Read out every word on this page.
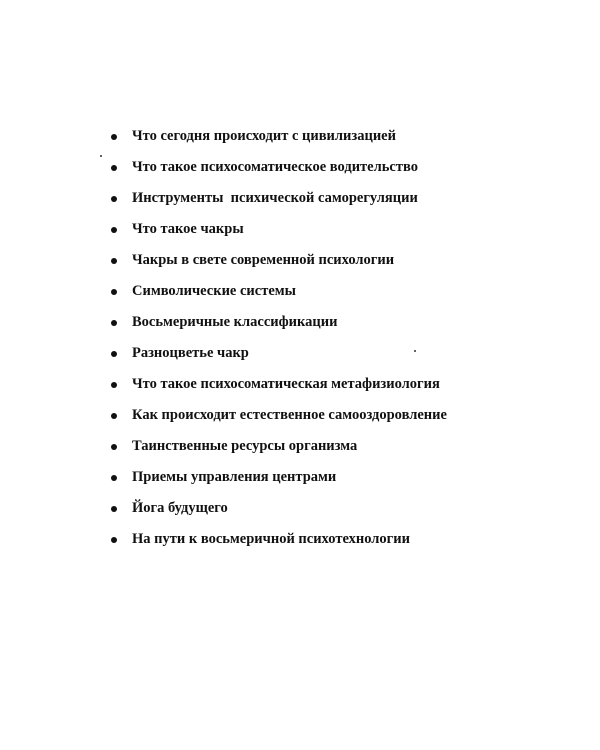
Что сегодня происходит с цивилизацией
Что такое психосоматическое водительство
Инструменты  психической саморегуляции
Что такое чакры
Чакры в свете современной психологии
Символические системы
Восьмеричные классификации
Разноцветье чакр
Что такое психосоматическая метафизиология
Как происходит естественное самооздоровление
Таинственные ресурсы организма
Приемы управления центрами
Йога будущего
На пути к восьмеричной психотехнологии
